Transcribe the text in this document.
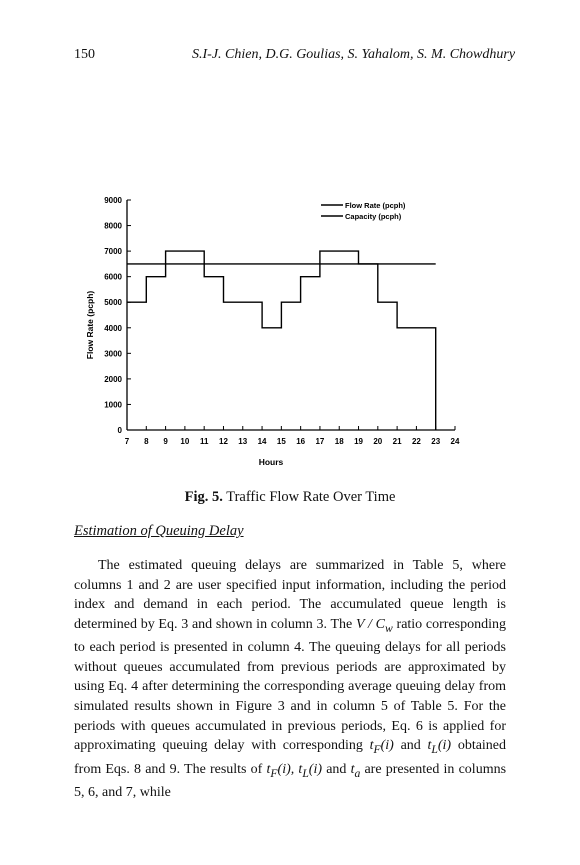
150	S.I-J. Chien, D.G. Goulias, S. Yahalom, S. M. Chowdhury
0
1000
2000
3000
4000
5000
6000
7000
8000
9000
7 8 9 10 11 12 13 14 15 16 17 18 19 20 21 22 23 24
Hours
Flow Rate (pcph)
Flow Rate (pcph)
Capacity (pcph)
Fig. 5. Traffic Flow Rate Over Time
Estimation of Queuing Delay

The estimated queuing delays are summarized in Table 5, where columns 1 and 2 are user specified input information, including the period index and demand in each period. The accumulated queue length is determined by Eq. 3 and shown in column 3. The V / $C_w$ ratio corresponding to each period is presented in column 4. The queuing delays for all periods without queues accumulated from previous periods are approximated by using Eq. 4 after determining the corresponding average queuing delay from simulated results shown in Figure 3 and in column 5 of Table 5. For the periods with queues accumulated in previous periods, Eq. 6 is applied for approximating queuing delay with corresponding $t_F(i)$ and $t_L(i)$ obtained from Eqs. 8 and 9. The results of $t_F(i)$, $t_L(i)$ and $t_a$ are presented in columns 5, 6, and 7, while
